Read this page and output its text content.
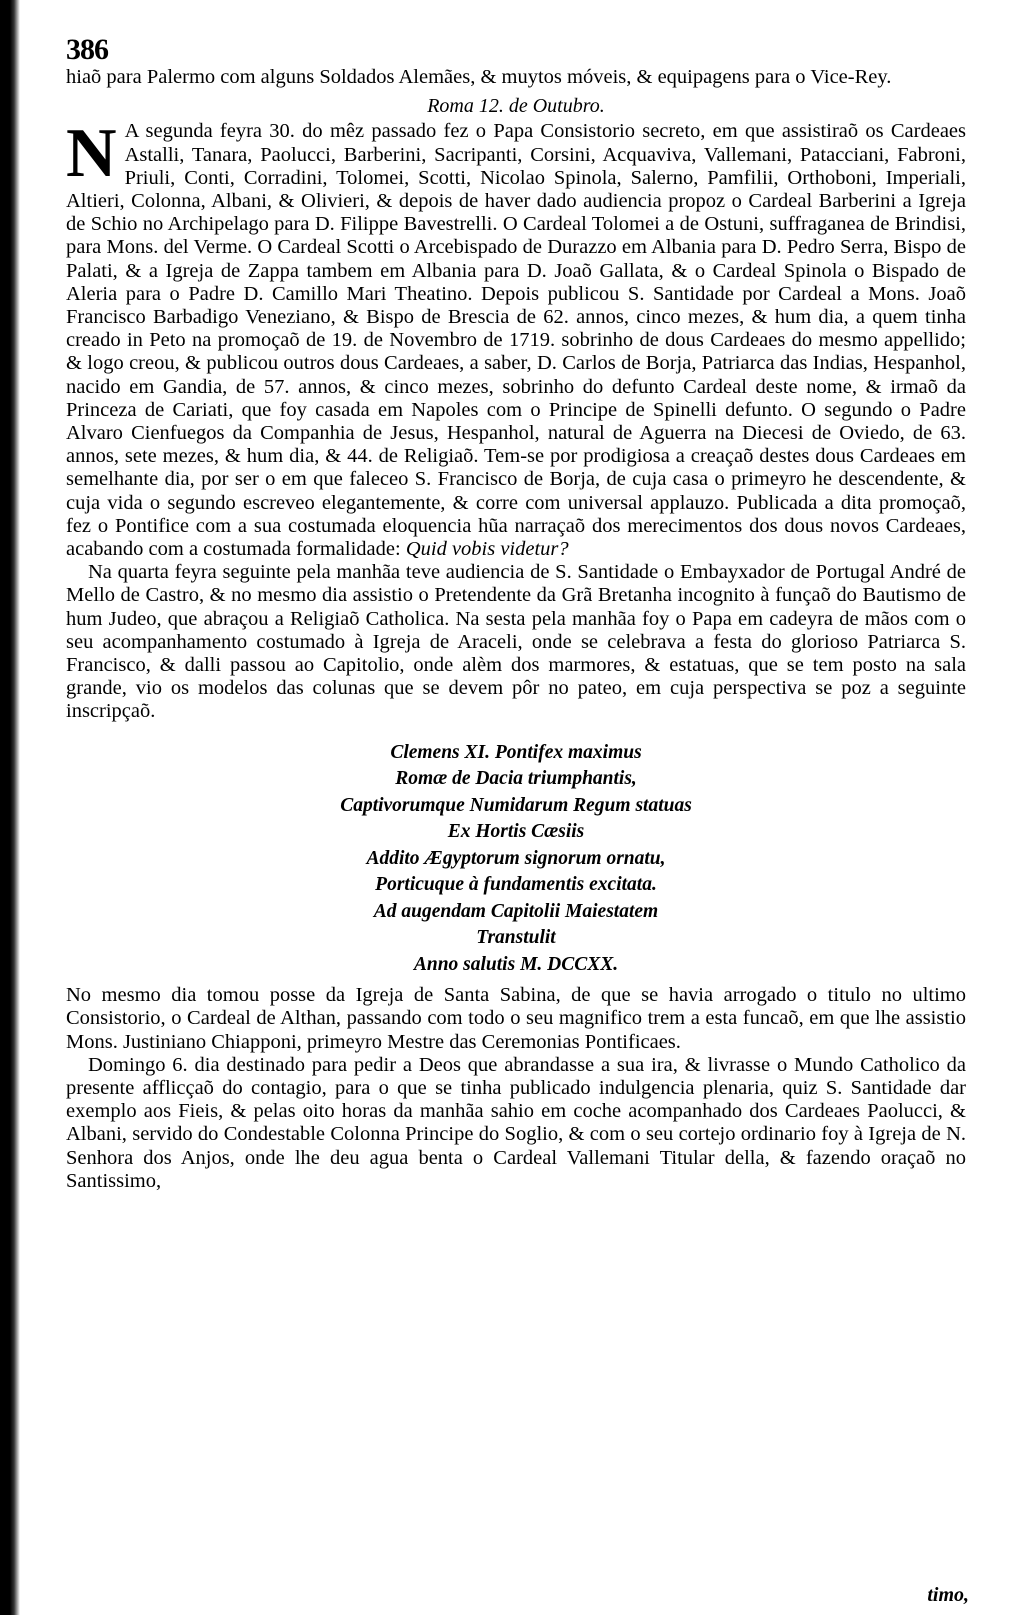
386

hiaõ para Palermo com alguns Soldados Alemães, & muytos móveis, & equipagens para o Vice-Rey.

Roma 12. de Outubro.

N A segunda feyra 30. do mêz passado fez o Papa Consistorio secreto, em que assistiraõ os Cardeaes Astalli, Tanara, Paolucci, Barberini, Sacripanti, Corsini, Acquaviva, Vallemani, Patacciani, Fabroni, Priuli, Conti, Corradini, Tolomei, Scotti, Nicolao Spinola, Salerno, Pamfilii, Orthoboni, Imperiali, Altieri, Colonna, Albani, & Olivieri, & depois de haver dado audiencia propoz o Cardeal Barberini a Igreja de Schio no Archipelago para D. Filippe Bavestrelli. O Cardeal Tolomei a de Ostuni, suffraganea de Brindisi, para Mons. del Verme. O Cardeal Scotti o Arcebispado de Durazzo em Albania para D. Pedro Serra, Bispo de Palati, & a Igreja de Zappa tambem em Albania para D. Joaõ Gallata, & o Cardeal Spinola o Bispado de Aleria para o Padre D. Camillo Mari Theatino. Depois publicou S. Santidade por Cardeal a Mons. Joaõ Francisco Barbadigo Veneziano, & Bispo de Brescia de 62. annos, cinco mezes, & hum dia, a quem tinha creado in Peto na promoçaõ de 19. de Novembro de 1719. sobrinho de dous Cardeaes do mesmo appellido; & logo creou, & publicou outros dous Cardeaes, a saber, D. Carlos de Borja, Patriarca das Indias, Hespanhol, nacido em Gandia, de 57. annos, & cinco mezes, sobrinho do defunto Cardeal deste nome, & irmaõ da Princeza de Cariati, que foy casada em Napoles com o Principe de Spinelli defunto. O segundo o Padre Alvaro Cienfuegos da Companhia de Jesus, Hespanhol, natural de Aguerra na Diecesi de Oviedo, de 63. annos, sete mezes, & hum dia, & 44. de Religiaõ. Tem-se por prodigiosa a creaçaõ destes dous Cardeaes em semelhante dia, por ser o em que faleceo S. Francisco de Borja, de cuja casa o primeyro he descendente, & cuja vida o segundo escreveo elegantemente, & corre com universal applauzo. Publicada a dita promoçaõ, fez o Pontifice com a sua costumada eloquencia hũa narraçaõ dos merecimentos dos dous novos Cardeaes, acabando com a costumada formalidade: Quid vobis videtur?

Na quarta feyra seguinte pela manhãa teve audiencia de S. Santidade o Embayxador de Portugal André de Mello de Castro, & no mesmo dia assistio o Pretendente da Grã Bretanha incognito à funçaõ do Bautismo de hum Judeo, que abraçou a Religiaõ Catholica. Na sesta pela manhãa foy o Papa em cadeyra de mãos com o seu acompanhamento costumado à Igreja de Araceli, onde se celebrava a festa do glorioso Patriarca S. Francisco, & dalli passou ao Capitolio, onde alèm dos marmores, & estatuas, que se tem posto na sala grande, vio os modelos das colunas que se devem pôr no pateo, em cuja perspectiva se poz a seguinte inscripçaõ.

Clemens XI. Pontifex maximus
Romæ de Dacia triumphantis,
Captivorumque Numidarum Regum statuas
Ex Hortis Cæsiis
Addito Ægyptorum signorum ornatu,
Porticuque à fundamentis excitata.
Ad augendam Capitolii Maiestatem
Transtulit
Anno salutis M. DCCXX.

No mesmo dia tomou posse da Igreja de Santa Sabina, de que se havia arrogado o titulo no ultimo Consistorio, o Cardeal de Althan, passando com todo o seu magnifico trem a esta funcaõ, em que lhe assistio Mons. Justiniano Chiapponi, primeyro Mestre das Ceremonias Pontificaes.

Domingo 6. dia destinado para pedir a Deos que abrandasse a sua ira, & livrasse o Mundo Catholico da presente afflicçaõ do contagio, para o que se tinha publicado indulgencia plenaria, quiz S. Santidade dar exemplo aos Fieis, & pelas oito horas da manhãa sahio em coche acompanhado dos Cardeaes Paolucci, & Albani, servido do Condestable Colonna Principe do Soglio, & com o seu cortejo ordinario foy à Igreja de N. Senhora dos Anjos, onde lhe deu agua benta o Cardeal Vallemani Titular della, & fazendo oraçaõ no Santissimo,

timo,
